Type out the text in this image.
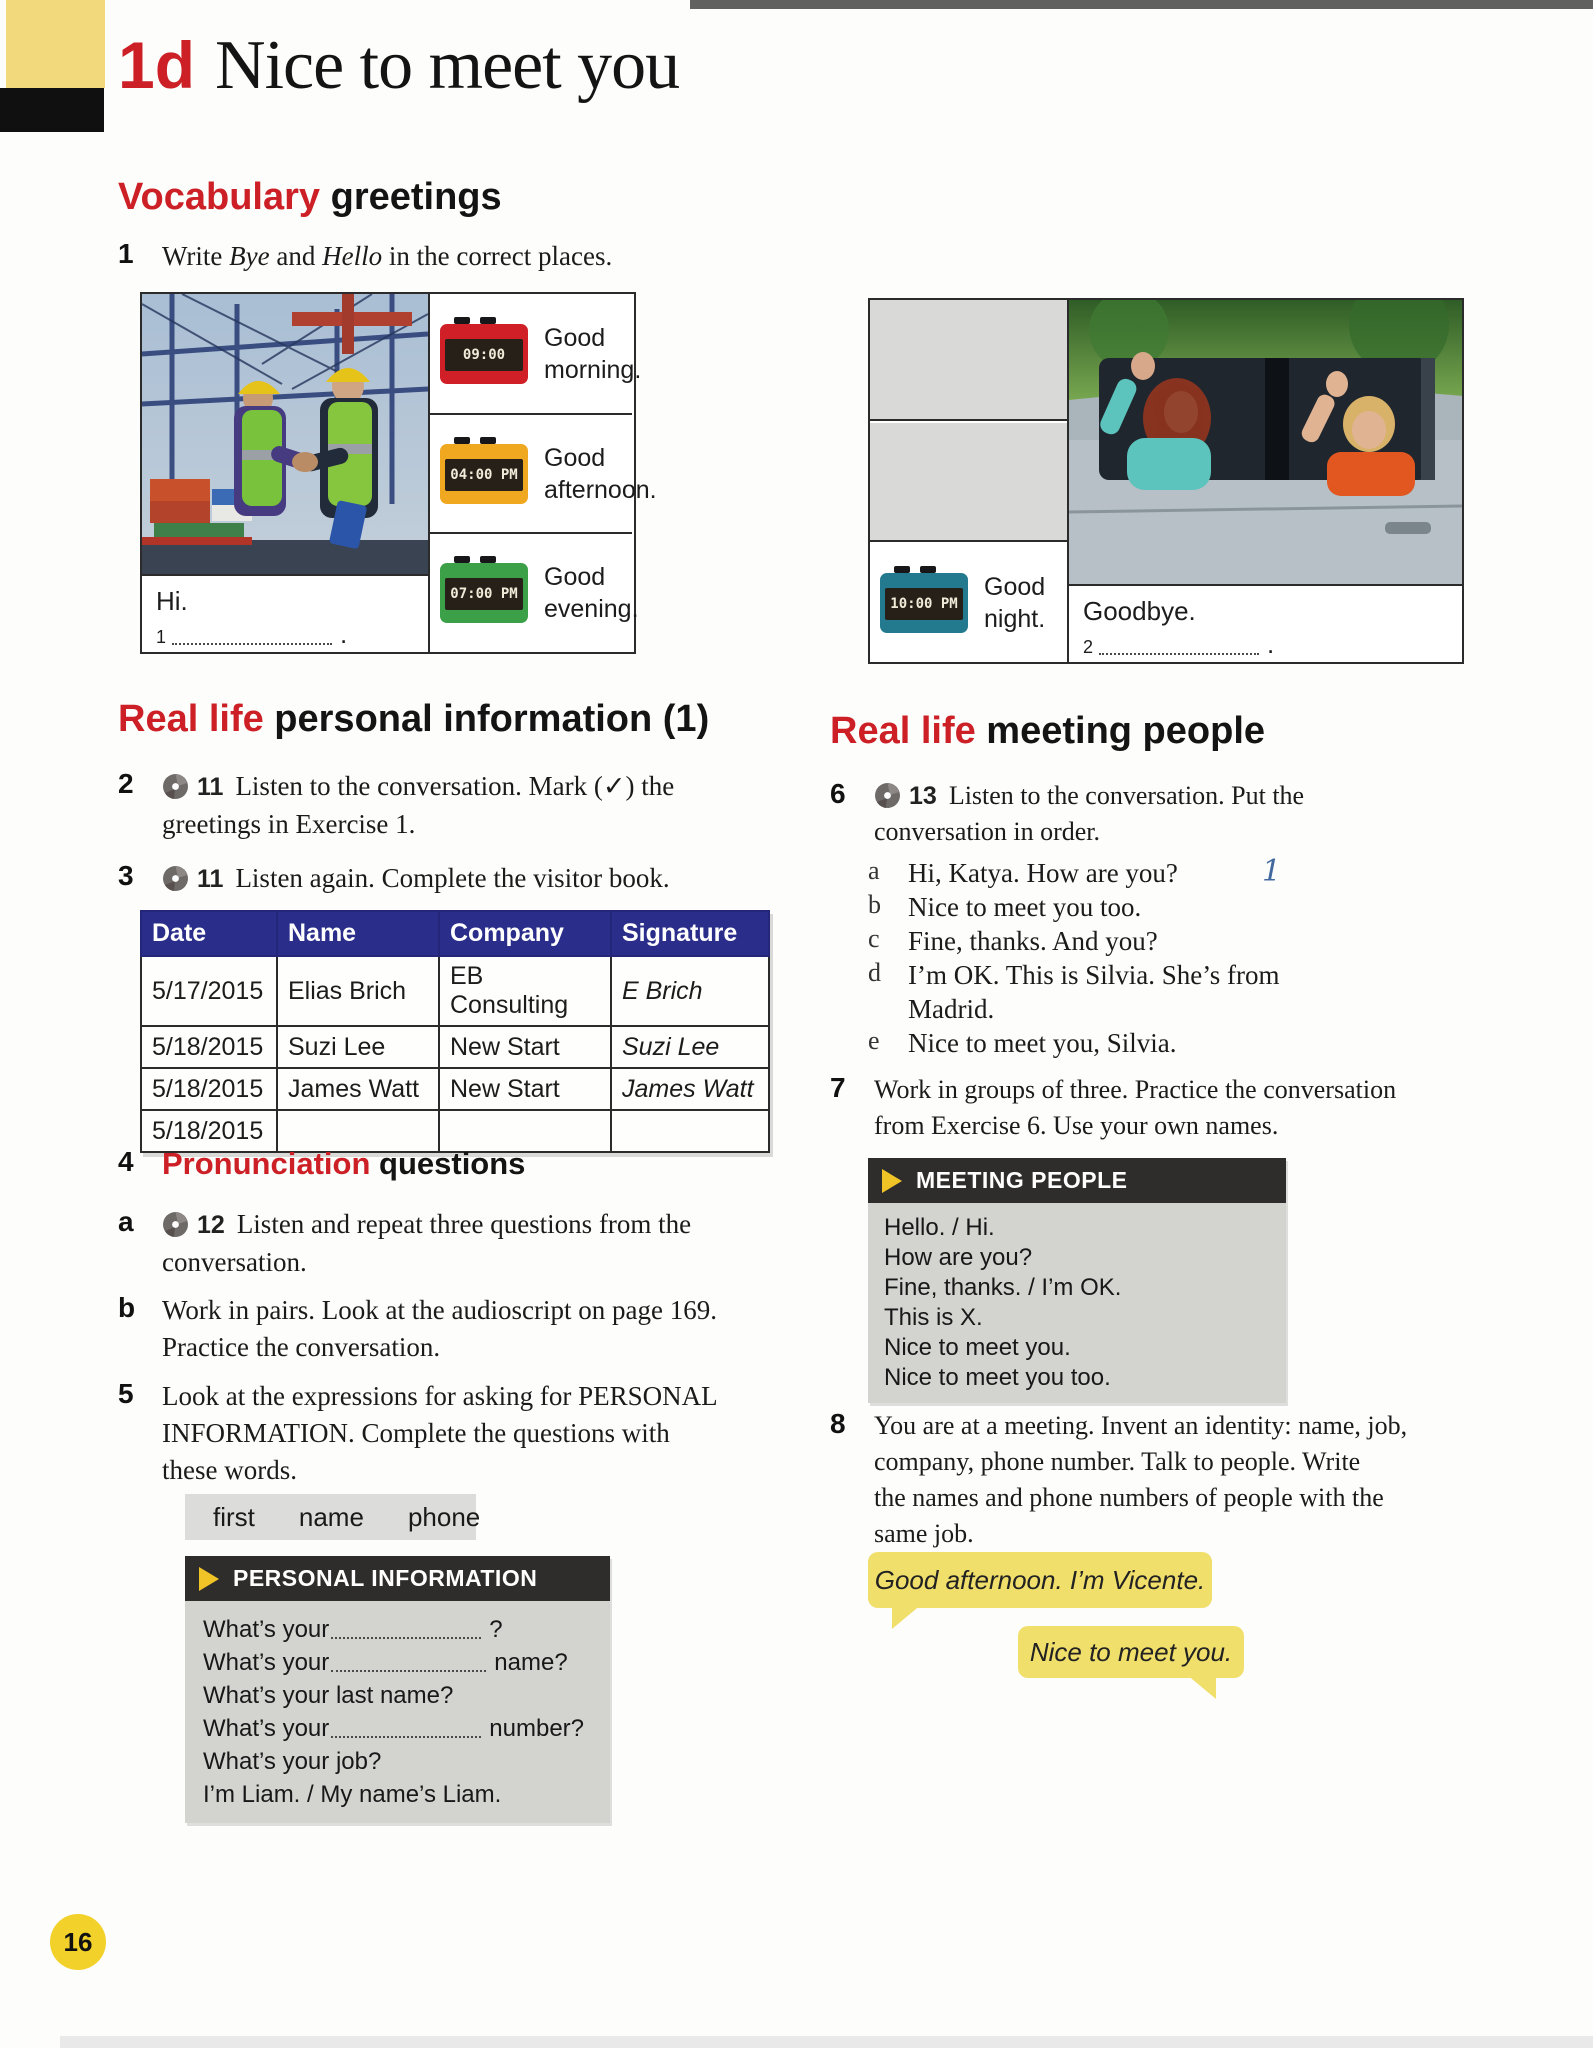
1d Nice to meet you
Vocabulary greetings
1	Write Bye and Hello in the correct places.
Hi.
1	.
09:00
Good
morning.
04:00 PM
Good
afternoon.
07:00 PM
Good
evening.	10:00 PM
Good
night. Goodbye.
2	.
Real life personal information (1)
2	11 Listen to the conversation. Mark (✓) the
greetings in Exercise 1.
3	11 Listen again. Complete the visitor book.
Date	Name	Company	Signature
5/17/2015	Elias Brich	EB Consulting	E Brich
5/18/2015	Suzi Lee	New Start	Suzi Lee
5/18/2015	James Watt	New Start	James Watt
5/18/2015			
4 Pronunciation questions
a	12 Listen and repeat three questions from the
conversation.
b Work in pairs. Look at the audioscript on page 169.
Practice the conversation.
5	Look at the expressions for asking for PERSONAL
INFORMATION. Complete the questions with
these words.
first name phone
PERSONAL INFORMATION
What’s your	?
What’s your	name?
What’s your last name?
What’s your	number?
What’s your job?
I’m Liam. / My name’s Liam.
Real life meeting people
6	13 Listen to the conversation. Put the
conversation in order.
a	Hi, Katya. How are you?	1
b	Nice to meet you too.
c	Fine, thanks. And you?
d	I’m OK. This is Silvia. She’s from Madrid.
e	Nice to meet you, Silvia.
7	Work in groups of three. Practice the conversation
from Exercise 6. Use your own names.
MEETING PEOPLE
Hello. / Hi.
How are you?
Fine, thanks. / I’m OK.
This is X.
Nice to meet you.
Nice to meet you too.
8	You are at a meeting. Invent an identity: name, job,
company, phone number. Talk to people. Write
the names and phone numbers of people with the
same job.
Good afternoon. I’m Vicente.
Nice to meet you.
16
